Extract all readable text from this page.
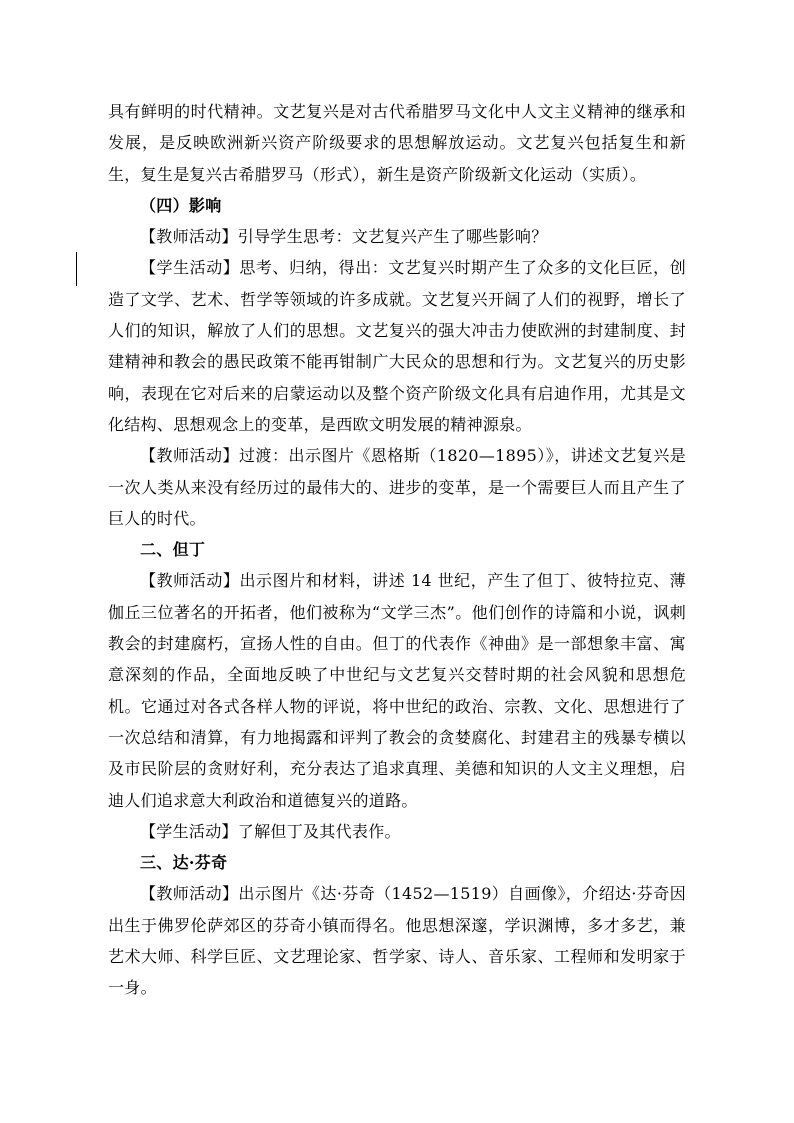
具有鲜明的时代精神。文艺复兴是对古代希腊罗马文化中人文主义精神的继承和发展，是反映欧洲新兴资产阶级要求的思想解放运动。文艺复兴包括复生和新生，复生是复兴古希腊罗马（形式），新生是资产阶级新文化运动（实质）。

（四）影响

【教师活动】引导学生思考：文艺复兴产生了哪些影响？

【学生活动】思考、归纳，得出：文艺复兴时期产生了众多的文化巨匠，创造了文学、艺术、哲学等领域的许多成就。文艺复兴开阔了人们的视野，增长了人们的知识，解放了人们的思想。文艺复兴的强大冲击力使欧洲的封建制度、封建精神和教会的愚民政策不能再钳制广大民众的思想和行为。文艺复兴的历史影响，表现在它对后来的启蒙运动以及整个资产阶级文化具有启迪作用，尤其是文化结构、思想观念上的变革，是西欧文明发展的精神源泉。

【教师活动】过渡：出示图片《恩格斯（1820—1895）》，讲述文艺复兴是一次人类从来没有经历过的最伟大的、进步的变革，是一个需要巨人而且产生了巨人的时代。

二、但丁

【教师活动】出示图片和材料，讲述 14 世纪，产生了但丁、彼特拉克、薄伽丘三位著名的开拓者，他们被称为“文学三杰”。他们创作的诗篇和小说，讽刺教会的封建腐朽，宣扬人性的自由。但丁的代表作《神曲》是一部想象丰富、寓意深刻的作品，全面地反映了中世纪与文艺复兴交替时期的社会风貌和思想危机。它通过对各式各样人物的评说，将中世纪的政治、宗教、文化、思想进行了一次总结和清算，有力地揭露和评判了教会的贪婪腐化、封建君主的残暴专横以及市民阶层的贪财好利，充分表达了追求真理、美德和知识的人文主义理想，启迪人们追求意大利政治和道德复兴的道路。

【学生活动】了解但丁及其代表作。

三、达·芬奇

【教师活动】出示图片《达·芬奇（1452—1519）自画像》，介绍达·芬奇因出生于佛罗伦萨郊区的芬奇小镇而得名。他思想深邃，学识渊博，多才多艺，兼艺术大师、科学巨匠、文艺理论家、哲学家、诗人、音乐家、工程师和发明家于一身。
